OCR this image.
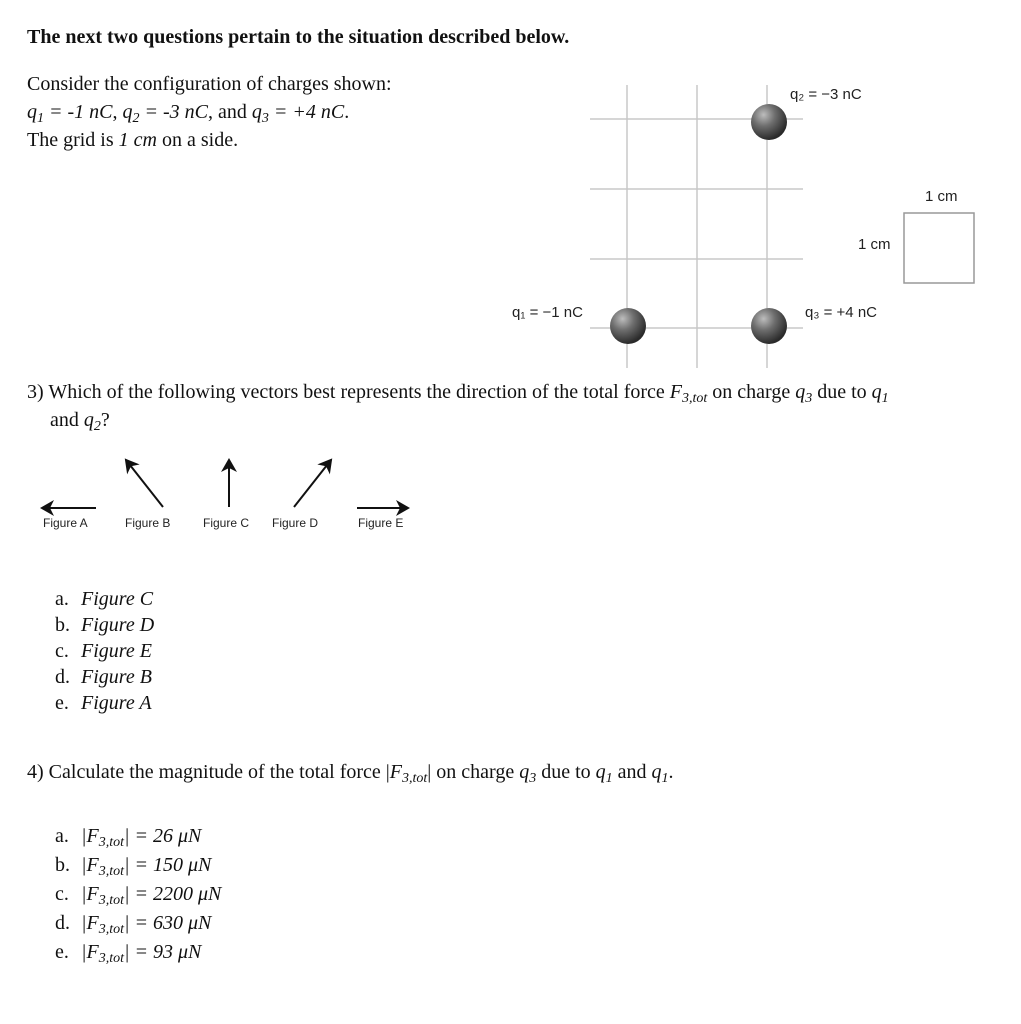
The next two questions pertain to the situation described below.
Consider the configuration of charges shown:
$q_1 = -1$ nC, $q_2 = -3$ nC, and $q_3 = +4$ nC.
The grid is 1 cm on a side.
q₂ = −3 nC
q₁ = −1 nC	q₃ = +4 nC
1 cm
1 cm
3) Which of the following vectors best represents the direction of the total force $F_{3,tot}$ on charge $q_3$ due to $q_1$
and $q_2$?
Figure A	Figure B	Figure C Figure D	Figure E
a. Figure C
b. Figure D
c. Figure E
d. Figure B
e. Figure A
4) Calculate the magnitude of the total force $|F_{3,tot}|$ on charge $q_3$ due to $q_1$ and $q_1$.
a. $|F_{3,tot}| = 26$ μN
b. $|F_{3,tot}| = 150$ μN
c. $|F_{3,tot}| = 2200$ μN
d. $|F_{3,tot}| = 630$ μN
e. $|F_{3,tot}| = 93$ μN
